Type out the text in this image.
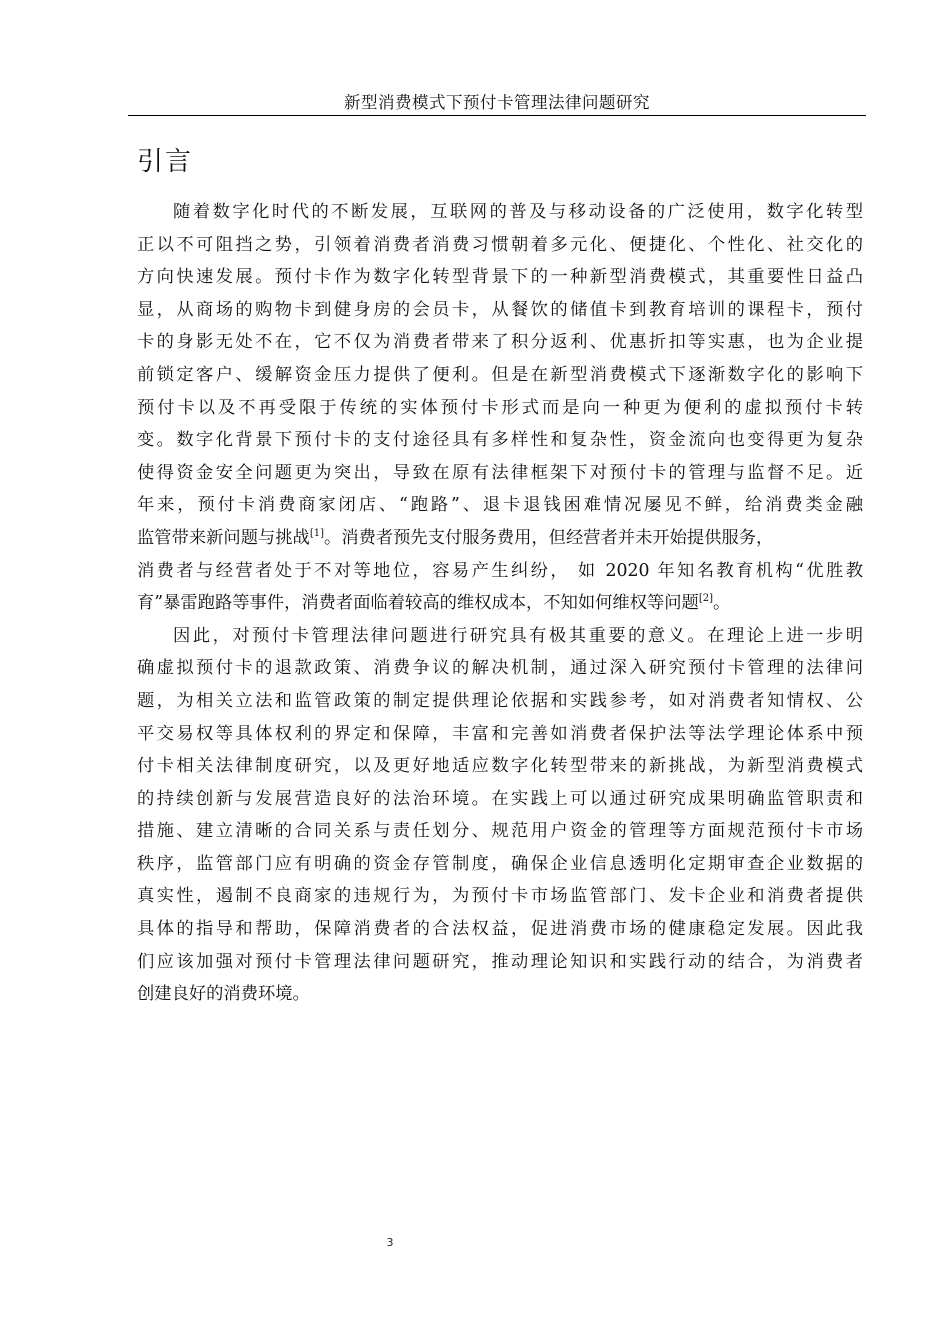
新型消费模式下预付卡管理法律问题研究
引言
随着数字化时代的不断发展，互联网的普及与移动设备的广泛使用，数字化转型
正以不可阻挡之势，引领着消费者消费习惯朝着多元化、便捷化、个性化、社交化的
方向快速发展。预付卡作为数字化转型背景下的一种新型消费模式，其重要性日益凸
显，从商场的购物卡到健身房的会员卡，从餐饮的储值卡到教育培训的课程卡，预付
卡的身影无处不在，它不仅为消费者带来了积分返利、优惠折扣等实惠，也为企业提
前锁定客户、缓解资金压力提供了便利。但是在新型消费模式下逐渐数字化的影响下
预付卡以及不再受限于传统的实体预付卡形式而是向一种更为便利的虚拟预付卡转
变。数字化背景下预付卡的支付途径具有多样性和复杂性，资金流向也变得更为复杂
使得资金安全问题更为突出，导致在原有法律框架下对预付卡的管理与监督不足。近
年来，预付卡消费商家闭店、“跑路”、退卡退钱困难情况屡见不鲜，给消费类金融
监管带来新问题与挑战[1]。消费者预先支付服务费用，但经营者并未开始提供服务，
消费者与经营者处于不对等地位，容易产生纠纷， 如 2020 年知名教育机构“优胜教
育”暴雷跑路等事件，消费者面临着较高的维权成本，不知如何维权等问题[2]。
因此，对预付卡管理法律问题进行研究具有极其重要的意义。在理论上进一步明
确虚拟预付卡的退款政策、消费争议的解决机制，通过深入研究预付卡管理的法律问
题，为相关立法和监管政策的制定提供理论依据和实践参考，如对消费者知情权、公
平交易权等具体权利的界定和保障，丰富和完善如消费者保护法等法学理论体系中预
付卡相关法律制度研究，以及更好地适应数字化转型带来的新挑战，为新型消费模式
的持续创新与发展营造良好的法治环境。在实践上可以通过研究成果明确监管职责和
措施、建立清晰的合同关系与责任划分、规范用户资金的管理等方面规范预付卡市场
秩序，监管部门应有明确的资金存管制度，确保企业信息透明化定期审查企业数据的
真实性，遏制不良商家的违规行为，为预付卡市场监管部门、发卡企业和消费者提供
具体的指导和帮助，保障消费者的合法权益，促进消费市场的健康稳定发展。因此我
们应该加强对预付卡管理法律问题研究，推动理论知识和实践行动的结合，为消费者
创建良好的消费环境。
3
